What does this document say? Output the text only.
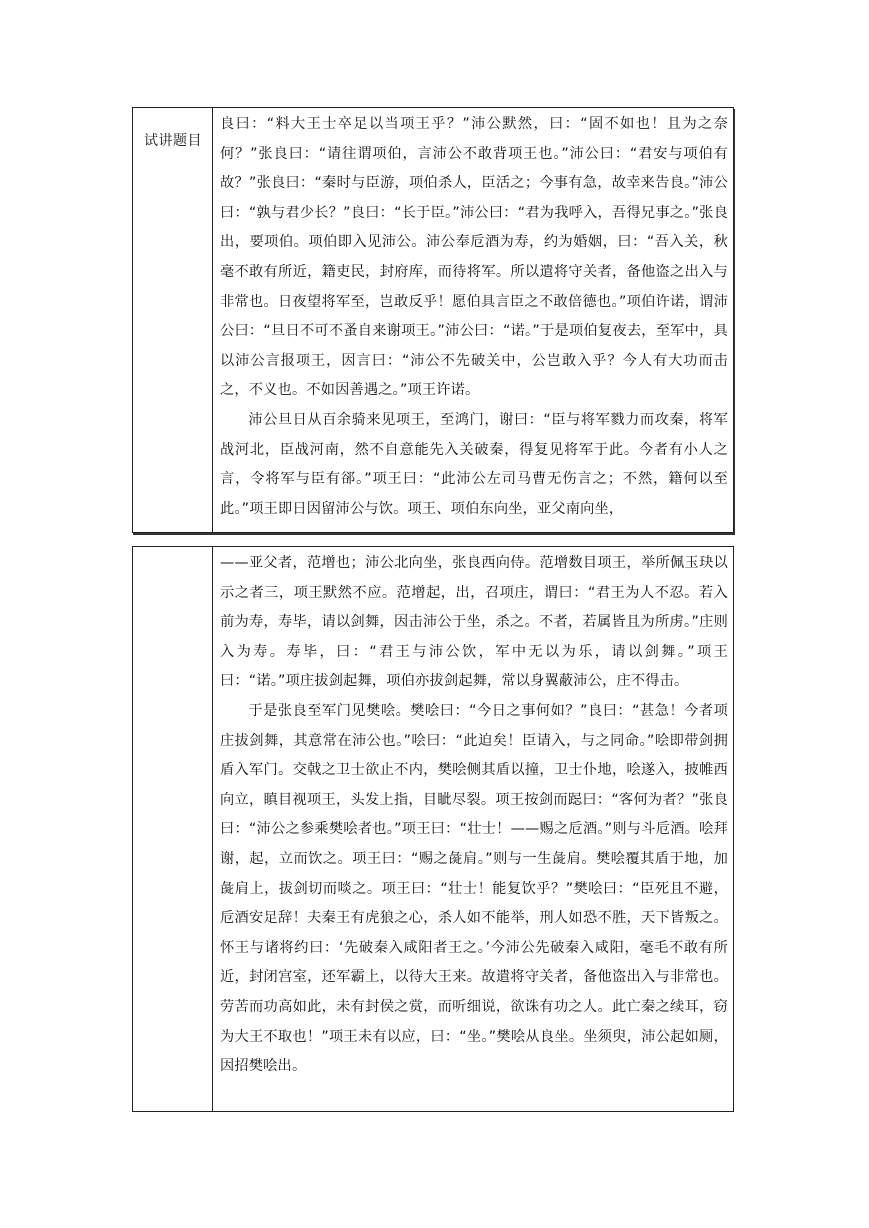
试讲题目

良曰：“料大王士卒足以当项王乎？”沛公默然，曰：“固不如也！且为之奈何？”张良曰：“请往谓项伯，言沛公不敢背项王也。”沛公曰：“君安与项伯有故？”张良曰：“秦时与臣游，项伯杀人，臣活之；今事有急，故幸来告良。”沛公曰：“孰与君少长？”良曰：“长于臣。”沛公曰：“君为我呼入，吾得兄事之。”张良出，要项伯。项伯即入见沛公。沛公奉卮酒为寿，约为婚姻，曰：“吾入关，秋毫不敢有所近，籍吏民，封府库，而待将军。所以遣将守关者，备他盗之出入与非常也。日夜望将军至，岂敢反乎！愿伯具言臣之不敢倍德也。”项伯许诺，谓沛公曰：“旦日不可不蚤自来谢项王。”沛公曰：“诺。”于是项伯复夜去，至军中，具以沛公言报项王，因言曰：“沛公不先破关中，公岂敢入乎？今人有大功而击之，不义也。不如因善遇之。”项王许诺。

沛公旦日从百余骑来见项王，至鸿门，谢曰：“臣与将军戮力而攻秦，将军战河北，臣战河南，然不自意能先入关破秦，得复见将军于此。今者有小人之言，令将军与臣有郤。”项王曰：“此沛公左司马曹无伤言之；不然，籍何以至此。”项王即日因留沛公与饮。项王、项伯东向坐，亚父南向坐，

——亚父者，范增也；沛公北向坐，张良西向侍。范增数目项王，举所佩玉玦以示之者三，项王默然不应。范增起，出，召项庄，谓曰：“君王为人不忍。若入前为寿，寿毕，请以剑舞，因击沛公于坐，杀之。不者，若属皆且为所虏。”庄则入为寿。寿毕，曰：“君王与沛公饮，军中无以为乐，请以剑舞。”项王曰：“诺。”项庄拔剑起舞，项伯亦拔剑起舞，常以身翼蔽沛公，庄不得击。

于是张良至军门见樊哙。樊哙曰：“今日之事何如？”良曰：“甚急！今者项庄拔剑舞，其意常在沛公也。”哙曰：“此迫矣！臣请入，与之同命。”哙即带剑拥盾入军门。交戟之卫士欲止不内，樊哙侧其盾以撞，卫士仆地，哙遂入，披帷西向立，瞋目视项王，头发上指，目眦尽裂。项王按剑而跽曰：“客何为者？”张良曰：“沛公之参乘樊哙者也。”项王曰：“壮士！——赐之卮酒。”则与斗卮酒。哙拜谢，起，立而饮之。项王曰：“赐之彘肩。”则与一生彘肩。樊哙覆其盾于地，加彘肩上，拔剑切而啖之。项王曰：“壮士！能复饮乎？”樊哙曰：“臣死且不避，卮酒安足辞！夫秦王有虎狼之心，杀人如不能举，刑人如恐不胜，天下皆叛之。怀王与诸将约曰：‘先破秦入咸阳者王之。’今沛公先破秦入咸阳，毫毛不敢有所近，封闭宫室，还军霸上，以待大王来。故遣将守关者，备他盗出入与非常也。劳苦而功高如此，未有封侯之赏，而听细说，欲诛有功之人。此亡秦之续耳，窃为大王不取也！”项王未有以应，曰：“坐。”樊哙从良坐。坐须臾，沛公起如厕，因招樊哙出。
